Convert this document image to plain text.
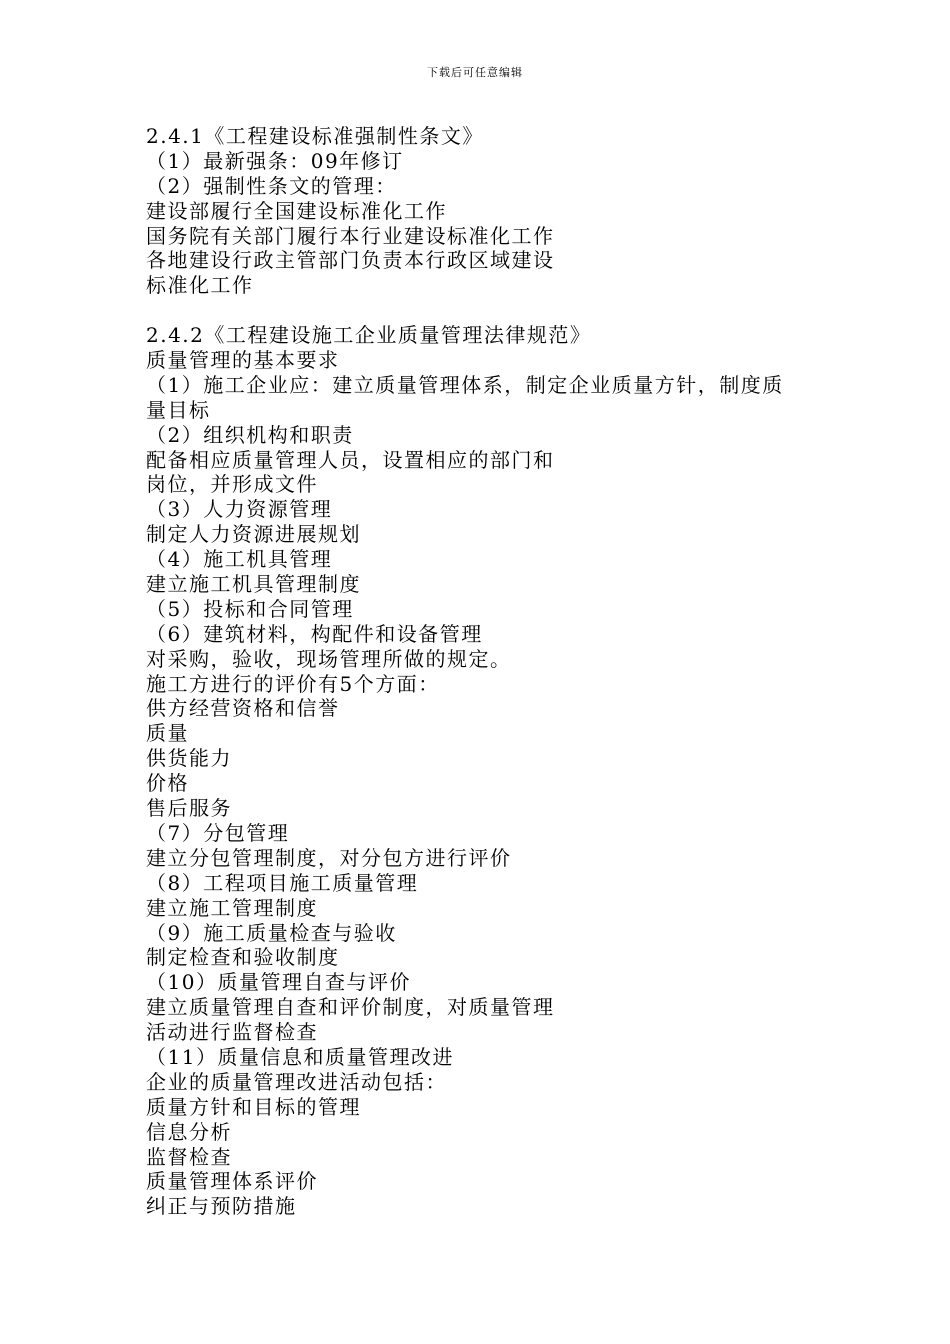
下载后可任意编辑
2.4.1《工程建设标准强制性条文》
（1）最新强条：09年修订
（2）强制性条文的管理：
建设部履行全国建设标准化工作
国务院有关部门履行本行业建设标准化工作
各地建设行政主管部门负责本行政区域建设
标准化工作
2.4.2《工程建设施工企业质量管理法律规范》
质量管理的基本要求
（1）施工企业应：建立质量管理体系，制定企业质量方针，制度质
量目标
（2）组织机构和职责
配备相应质量管理人员，设置相应的部门和
岗位，并形成文件
（3）人力资源管理
制定人力资源进展规划
（4）施工机具管理
建立施工机具管理制度
（5）投标和合同管理
（6）建筑材料，构配件和设备管理
对采购，验收，现场管理所做的规定。
施工方进行的评价有5个方面：
供方经营资格和信誉
质量
供货能力
价格
售后服务
（7）分包管理
建立分包管理制度，对分包方进行评价
（8）工程项目施工质量管理
建立施工管理制度
（9）施工质量检查与验收
制定检查和验收制度
（10）质量管理自查与评价
建立质量管理自查和评价制度，对质量管理
活动进行监督检查
（11）质量信息和质量管理改进
企业的质量管理改进活动包括：
质量方针和目标的管理
信息分析
监督检查
质量管理体系评价
纠正与预防措施
